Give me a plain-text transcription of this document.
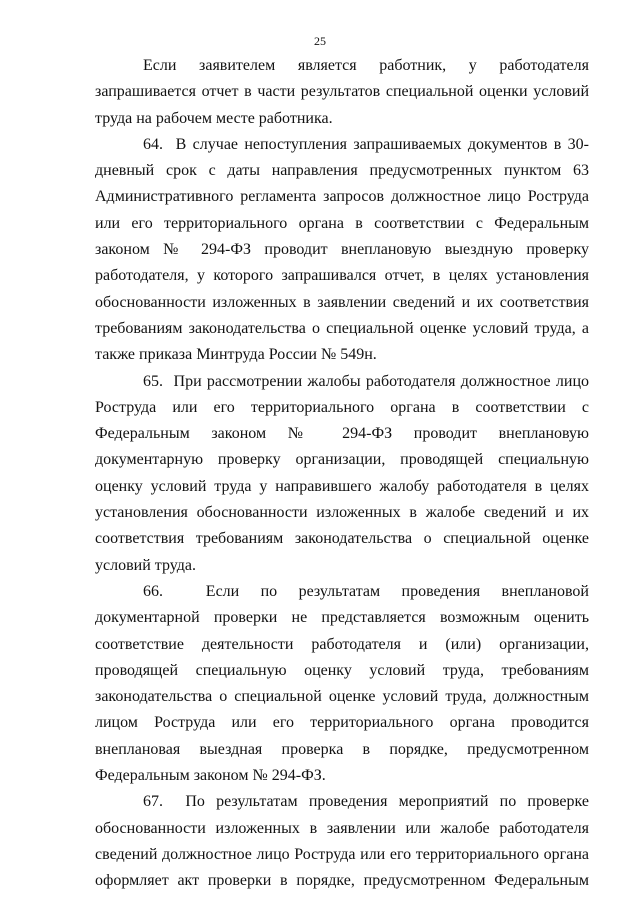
25

Если заявителем является работник, у работодателя запрашивается отчет в части результатов специальной оценки условий труда на рабочем месте работника.

64.  В случае непоступления запрашиваемых документов в 30-дневный срок с даты направления предусмотренных пунктом 63 Административного регламента запросов должностное лицо Роструда или его территориального органа в соответствии с Федеральным законом № 294-ФЗ проводит внеплановую выездную проверку работодателя, у которого запрашивался отчет, в целях установления обоснованности изложенных в заявлении сведений и их соответствия требованиям законодательства о специальной оценке условий труда, а также приказа Минтруда России № 549н.

65.  При рассмотрении жалобы работодателя должностное лицо Роструда или его территориального органа в соответствии с Федеральным законом № 294-ФЗ проводит внеплановую документарную проверку организации, проводящей специальную оценку условий труда у направившего жалобу работодателя в целях установления обоснованности изложенных в жалобе сведений и их соответствия требованиям законодательства о специальной оценке условий труда.

66.  Если по результатам проведения внеплановой документарной проверки не представляется возможным оценить соответствие деятельности работодателя и (или) организации, проводящей специальную оценку условий труда, требованиям законодательства о специальной оценке условий труда, должностным лицом Роструда или его территориального органа проводится внеплановая выездная проверка в порядке, предусмотренном Федеральным законом № 294-ФЗ.

67.  По результатам проведения мероприятий по проверке обоснованности изложенных в заявлении или жалобе работодателя сведений должностное лицо Роструда или его территориального органа оформляет акт проверки в порядке, предусмотренном Федеральным
